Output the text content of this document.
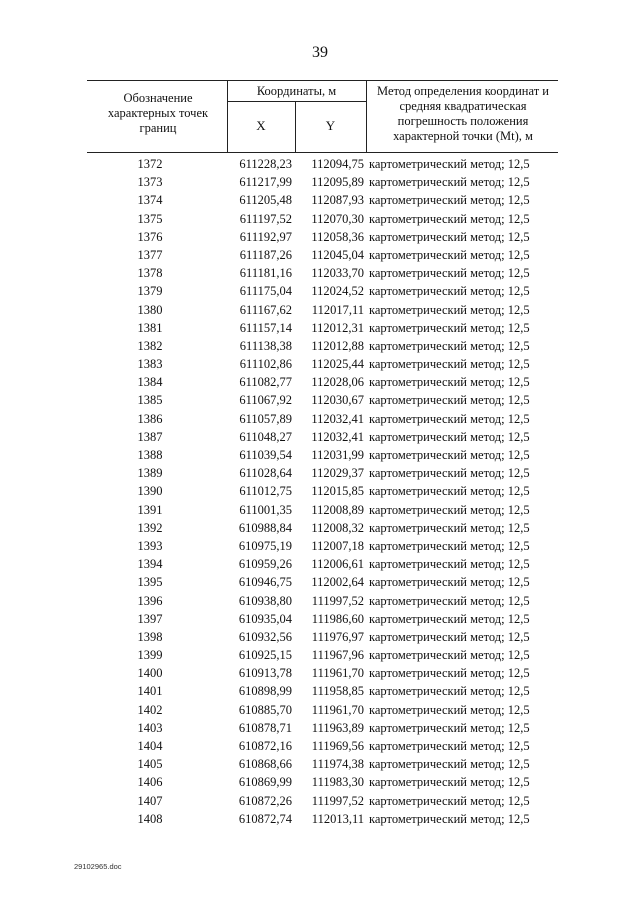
39
Обозначение характерных точек границ
Координаты, м
X	Y
Метод определения координат и средняя квадратическая погрешность положения характерной точки (Mt), м
1372	611228,23	112094,75 картометрический метод; 12,5
1373	611217,99	112095,89 картометрический метод; 12,5
1374	611205,48	112087,93 картометрический метод; 12,5
1375	611197,52	112070,30 картометрический метод; 12,5
1376	611192,97	112058,36 картометрический метод; 12,5
1377	611187,26	112045,04 картометрический метод; 12,5
1378	611181,16	112033,70 картометрический метод; 12,5
1379	611175,04	112024,52 картометрический метод; 12,5
1380	611167,62	112017,11 картометрический метод; 12,5
1381	611157,14	112012,31 картометрический метод; 12,5
1382	611138,38	112012,88 картометрический метод; 12,5
1383	611102,86	112025,44 картометрический метод; 12,5
1384	611082,77	112028,06 картометрический метод; 12,5
1385	611067,92	112030,67 картометрический метод; 12,5
1386	611057,89	112032,41 картометрический метод; 12,5
1387	611048,27	112032,41 картометрический метод; 12,5
1388	611039,54	112031,99 картометрический метод; 12,5
1389	611028,64	112029,37 картометрический метод; 12,5
1390	611012,75	112015,85 картометрический метод; 12,5
1391	611001,35	112008,89 картометрический метод; 12,5
1392	610988,84	112008,32 картометрический метод; 12,5
1393	610975,19	112007,18 картометрический метод; 12,5
1394	610959,26	112006,61 картометрический метод; 12,5
1395	610946,75	112002,64 картометрический метод; 12,5
1396	610938,80	111997,52 картометрический метод; 12,5
1397	610935,04	111986,60 картометрический метод; 12,5
1398	610932,56	111976,97 картометрический метод; 12,5
1399	610925,15	111967,96 картометрический метод; 12,5
1400	610913,78	111961,70 картометрический метод; 12,5
1401	610898,99	111958,85 картометрический метод; 12,5
1402	610885,70	111961,70 картометрический метод; 12,5
1403	610878,71	111963,89 картометрический метод; 12,5
1404	610872,16	111969,56 картометрический метод; 12,5
1405	610868,66	111974,38 картометрический метод; 12,5
1406	610869,99	111983,30 картометрический метод; 12,5
1407	610872,26	111997,52 картометрический метод; 12,5
1408	610872,74	112013,11 картометрический метод; 12,5
29102965.doc
